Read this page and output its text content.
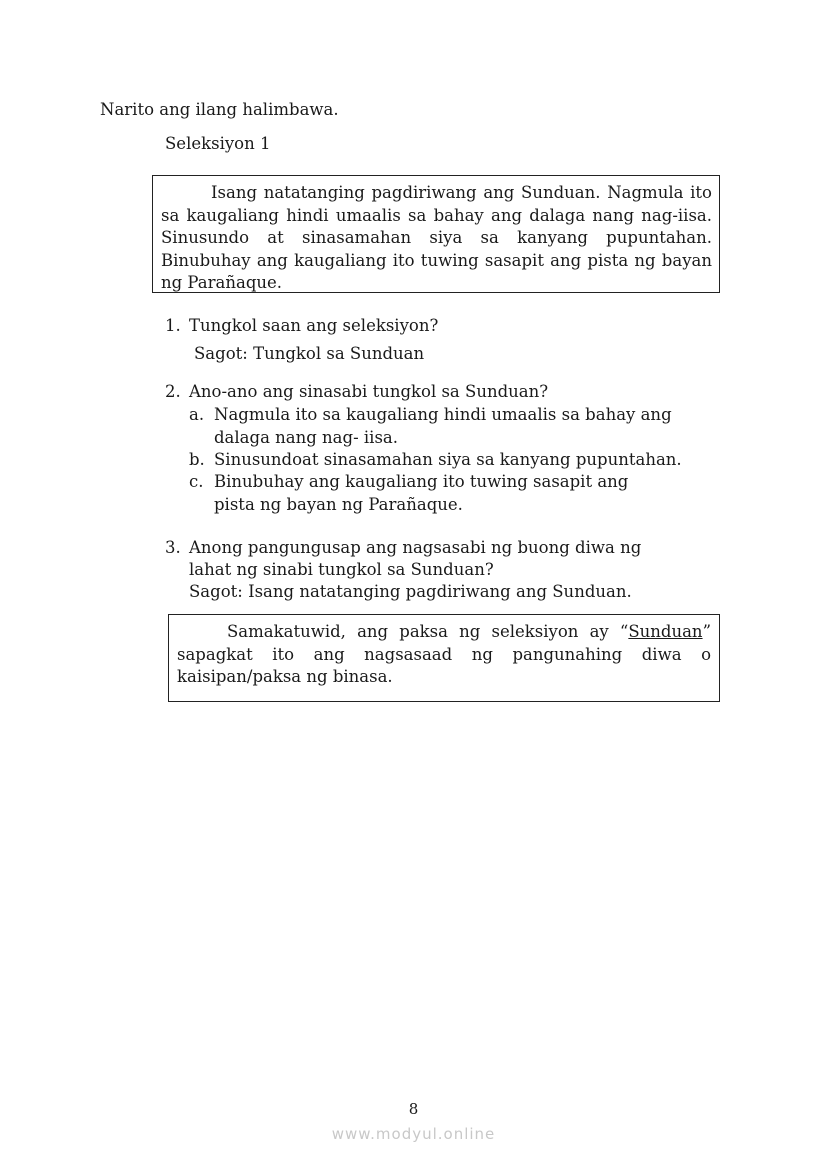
Narito ang ilang halimbawa.

Seleksiyon 1

Isang natatanging pagdiriwang ang Sunduan. Nagmula ito sa kaugaliang hindi umaalis sa bahay ang dalaga nang nag-iisa. Sinusundo at sinasamahan siya sa kanyang pupuntahan. Binubuhay ang kaugaliang ito tuwing sasapit ang pista ng bayan ng Parañaque.

1. Tungkol saan ang seleksiyon?
Sagot: Tungkol sa Sunduan
2. Ano-ano ang sinasabi tungkol sa Sunduan?
a. Nagmula ito sa kaugaliang hindi umaalis sa bahay ang
dalaga nang nag- iisa.
b. Sinusundoat sinasamahan siya sa kanyang pupuntahan.
c. Binubuhay ang kaugaliang ito tuwing sasapit ang
pista ng bayan ng Parañaque.
3. Anong pangungusap ang nagsasabi ng buong diwa ng
lahat ng sinabi tungkol sa Sunduan?
Sagot: Isang natatanging pagdiriwang ang Sunduan.

Samakatuwid, ang paksa ng seleksiyon ay “Sunduan” sapagkat ito ang nagsasaad ng pangunahing diwa o kaisipan/paksa ng binasa.

8
www.modyul.online
